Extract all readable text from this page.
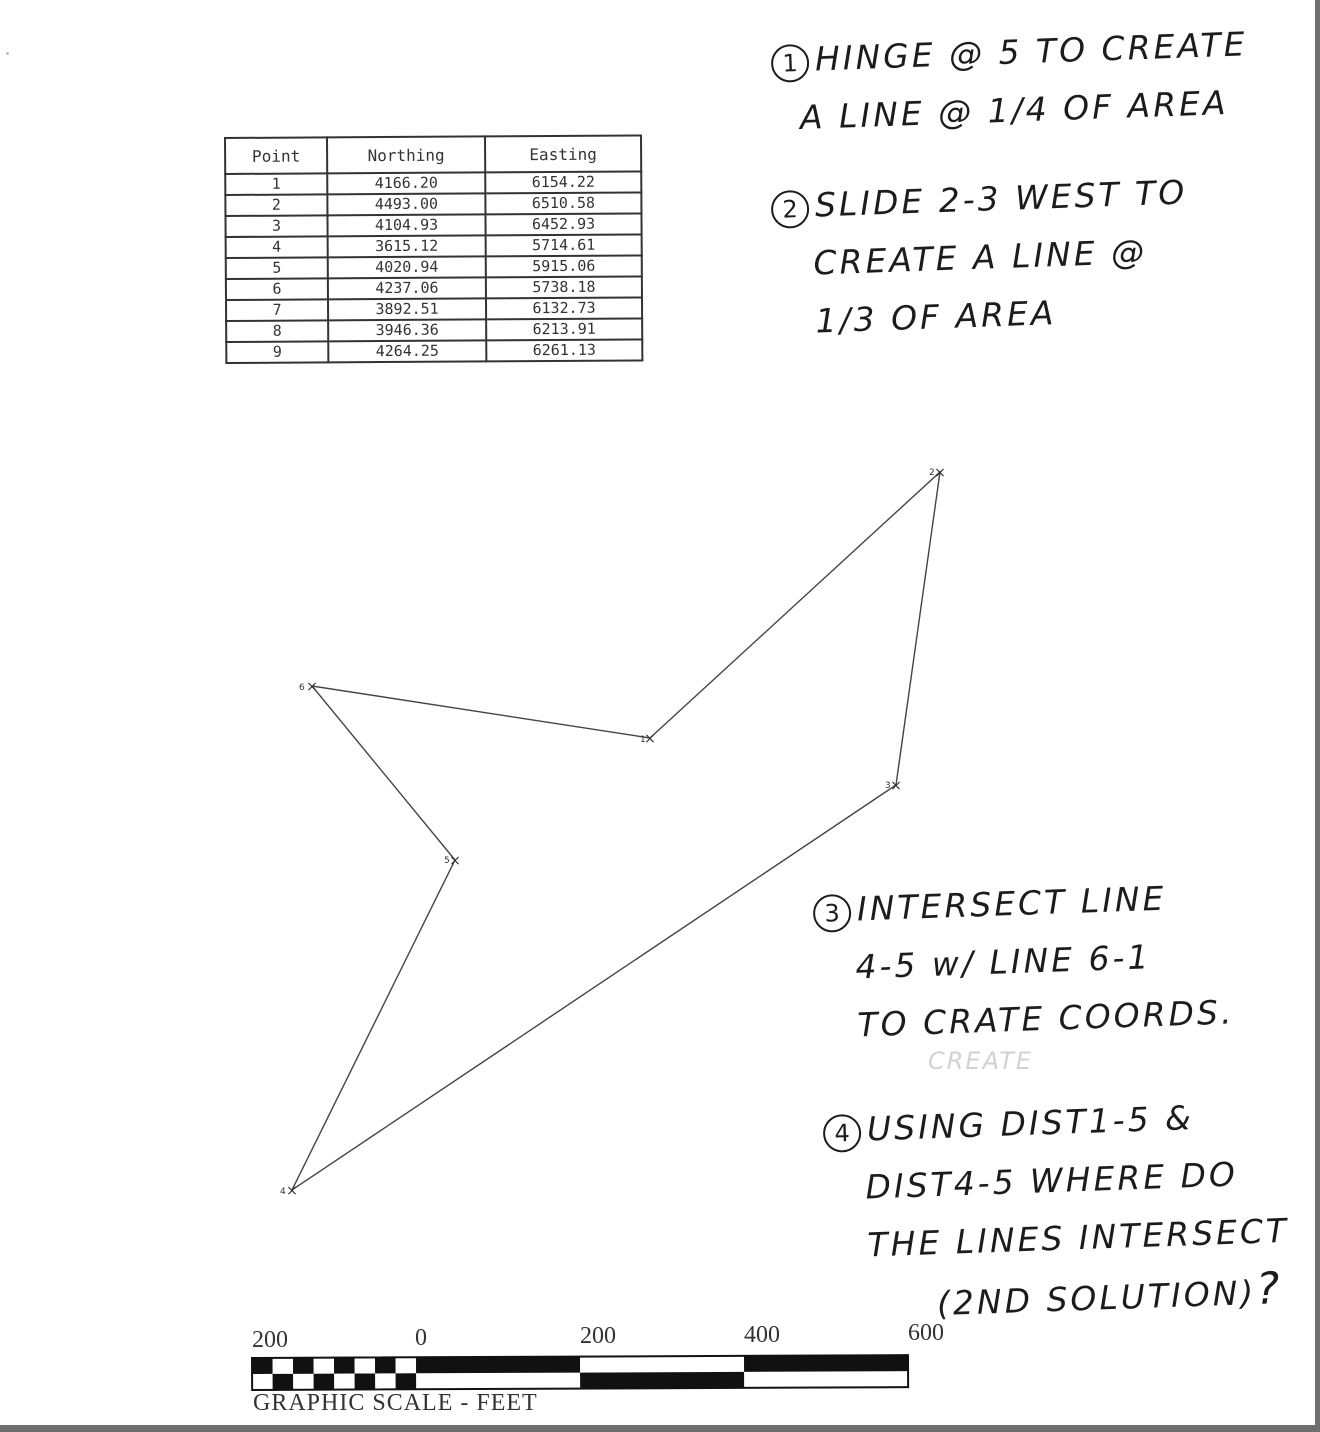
Point	Northing	Easting
1	4166.20	6154.22
2	4493.00	6510.58
3	4104.93	6452.93
4	3615.12	5714.61
5	4020.94	5915.06
6	4237.06	5738.18
7	3892.51	6132.73
8	3946.36	6213.91
9	4264.25	6261.13
1 HINGE @ 5 TO CREATE
A LINE @ 1/4 OF AREA
2 SLIDE 2-3 WEST TO
CREATE A LINE @
1/3 OF AREA
3 INTERSECT LINE
4-5 w/ LINE 6-1
TO CRATE COORDS.
CREATE
4 USING DIST1-5 &
DIST4-5 WHERE DO
THE LINES INTERSECT
(2ND SOLUTION)?
×
1
×
2
×
3
×
4
×
5
×
6
200	0	200	400	600
GRAPHIC SCALE - FEET
